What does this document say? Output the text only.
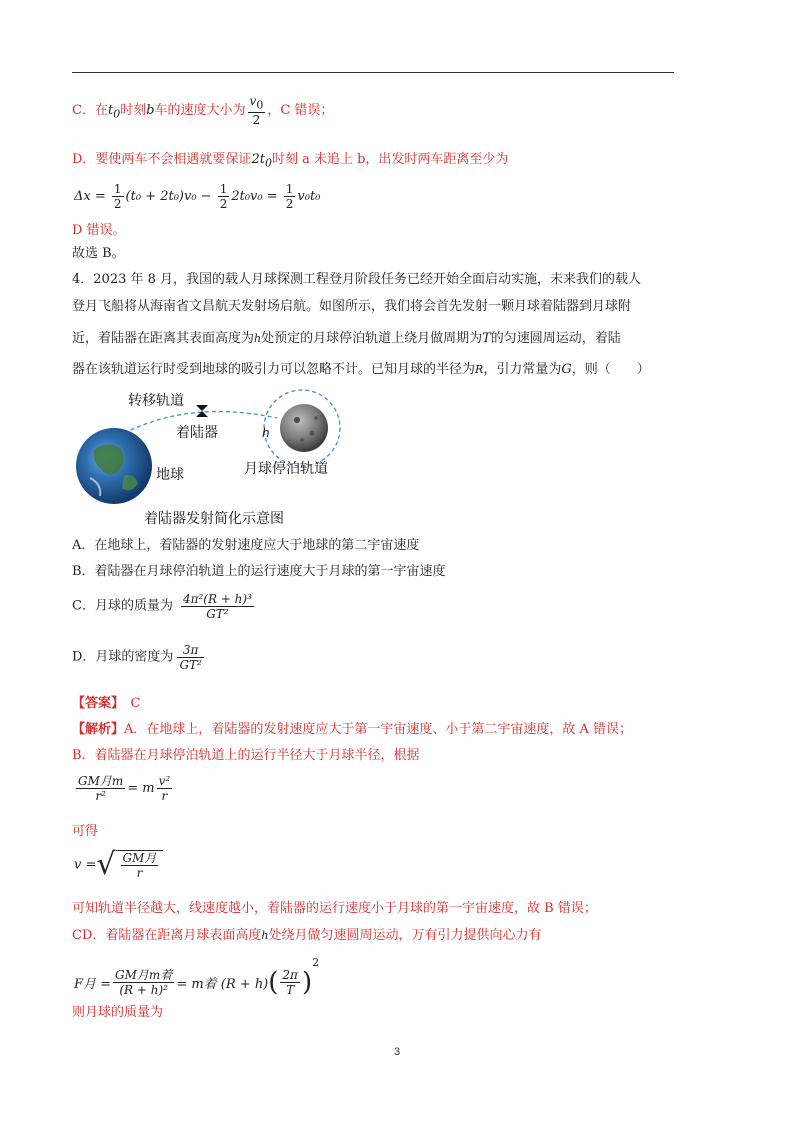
C．在$t_0$时刻b车的速度大小为 $\frac{v_0}{2}$ ，C 错误；
D．要使两车不会相遇就要保证$2t_0$时刻 a 未追上 b，出发时两车距离至少为
$\Delta x = \frac{1}{2} (t_0 + 2t_0)v_0 - \frac{1}{2} 2t_0v_0 = \frac{1}{2} v_0t_0$
D 错误。
故选 B。
4．2023 年 8 月，我国的载人月球探测工程登月阶段任务已经开始全面启动实施，未来我们的载人
登月飞船将从海南省文昌航天发射场启航。如图所示，我们将会首先发射一颗月球着陆器到月球附
近，着陆器在距离其表面高度为h处预定的月球停泊轨道上绕月做周期为T的匀速圆周运动，着陆
器在该轨道运行时受到地球的吸引力可以忽略不计。已知月球的半径为R，引力常量为G，则（　　）
转移轨道
着陆器	h
地球	月球停泊轨道
着陆器发射简化示意图
A．在地球上，着陆器的发射速度应大于地球的第二宇宙速度
B．着陆器在月球停泊轨道上的运行速度大于月球的第一宇宙速度
C．月球的质量为 $\frac{\text{4π²(R + h)³}}{\text{GT²}}$
D．月球的密度为 $\frac{3\pi}{\text{GT²}}$
【答案】　 C
【解析】A．在地球上，着陆器的发射速度应大于第一宇宙速度、小于第二宇宙速度，故 A 错误；
B．着陆器在月球停泊轨道上的运行半径大于月球半径，根据
$\frac{\text{GM月m}}{\text{r²}} = m \frac{\text{v²}}{r}$
可得
v =√ $\frac{\text{GM月}}{r}$
可知轨道半径越大，线速度越小，着陆器的运行速度小于月球的第一宇宙速度，故 B 错误；
CD．着陆器在距离月球表面高度h处绕月做匀速圆周运动，万有引力提供向心力有
F月 = $\frac{\text{GM月m着}}{\text{(R + h)²}} = m$着 $(R + h)( \frac{2\pi}{T} )^2$
则月球的质量为
3
